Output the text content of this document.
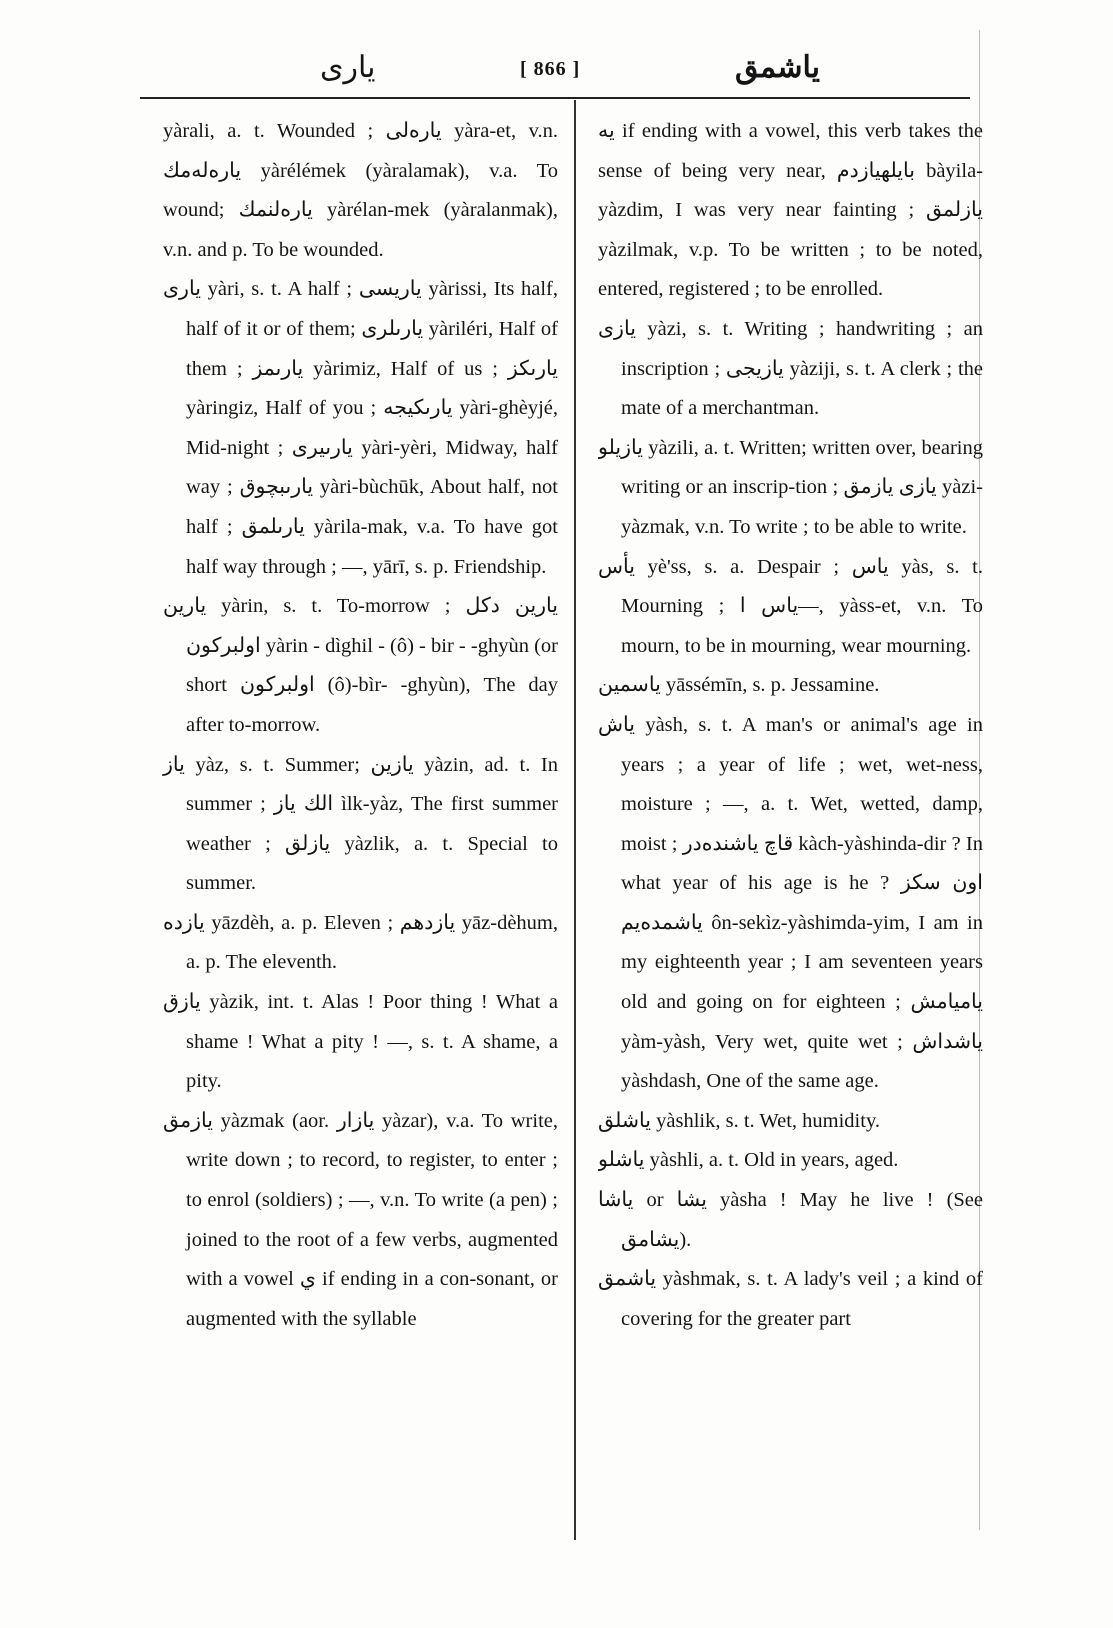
يارى	[ 866 ]	ياشمق

yàrali, a. t. Wounded ; يارەلى yàra-et, v.n. يارەلەمك yàrélémek (yàralamak), v.a. To wound; يارەلنمك yàrélan-mek (yàralanmak), v.n. and p. To be wounded.

يارى yàri, s. t. A half ; ياريسى yàrissi, Its half, half of it or of them; يارىلرى yàriléri, Half of them ; يارىمز yàrimiz, Half of us ; يارىكز yàringiz, Half of you ; يارىكيجه yàri-ghèyjé, Mid-night ; يارىيرى yàri-yèri, Midway, half way ; يارىبچوق yàri-bùchūk, About half, not half ; يارىلمق yàrila-mak, v.a. To have got half way through ; —, yārī, s. p. Friendship.

يارين yàrin, s. t. To-morrow ; يارين دكل اولبركون yàrin - dìghil - (ô) - bir - -ghyùn (or short اولبركون (ô)-bìr- -ghyùn), The day after to-morrow.

ياز yàz, s. t. Summer; يازين yàzin, ad. t. In summer ; الك ياز ìlk-yàz, The first summer weather ; يازلق yàzlik, a. t. Special to summer.

يازده yāzdèh, a. p. Eleven ; يازدهم yāz-dèhum, a. p. The eleventh.

يازق yàzik, int. t. Alas ! Poor thing ! What a shame ! What a pity ! —, s. t. A shame, a pity.

يازمق yàzmak (aor. يازار yàzar), v.a. To write, write down ; to record, to register, to enter ; to enrol (soldiers) ; —, v.n. To write (a pen) ; joined to the root of a few verbs, augmented with a vowel ي if ending in a con-sonant, or augmented with the syllable

يه if ending with a vowel, this verb takes the sense of being very near, بايلهيازدم bàyila-yàzdim, I was very near fainting ; يازلمق yàzilmak, v.p. To be written ; to be noted, entered, registered ; to be enrolled.

يازى yàzi, s. t. Writing ; handwriting ; an inscription ; يازيجى yàziji, s. t. A clerk ; the mate of a merchantman.

يازيلو yàzili, a. t. Written; written over, bearing writing or an inscrip-tion ; يازى يازمق yàzi-yàzmak, v.n. To write ; to be able to write.

يأس yè'ss, s. a. Despair ; ياس yàs, s. t. Mourning ; ياس ا—, yàss-et, v.n. To mourn, to be in mourning, wear mourning.

ياسمين yāssémīn, s. p. Jessamine.

ياش yàsh, s. t. A man's or animal's age in years ; a year of life ; wet, wet-ness, moisture ; —, a. t. Wet, wetted, damp, moist ; قاچ ياشندەدر kàch-yàshinda-dir ? In what year of his age is he ? اون سكز ياشمدەيم ôn-sekìz-yàshimda-yim, I am in my eighteenth year ; I am seventeen years old and going on for eighteen ; ياميامش yàm-yàsh, Very wet, quite wet ; ياشداش yàshdash, One of the same age.

ياشلق yàshlik, s. t. Wet, humidity.

ياشلو yàshli, a. t. Old in years, aged.

ياشا or يشا yàsha ! May he live ! (See يشامق).

ياشمق yàshmak, s. t. A lady's veil ; a kind of covering for the greater part
